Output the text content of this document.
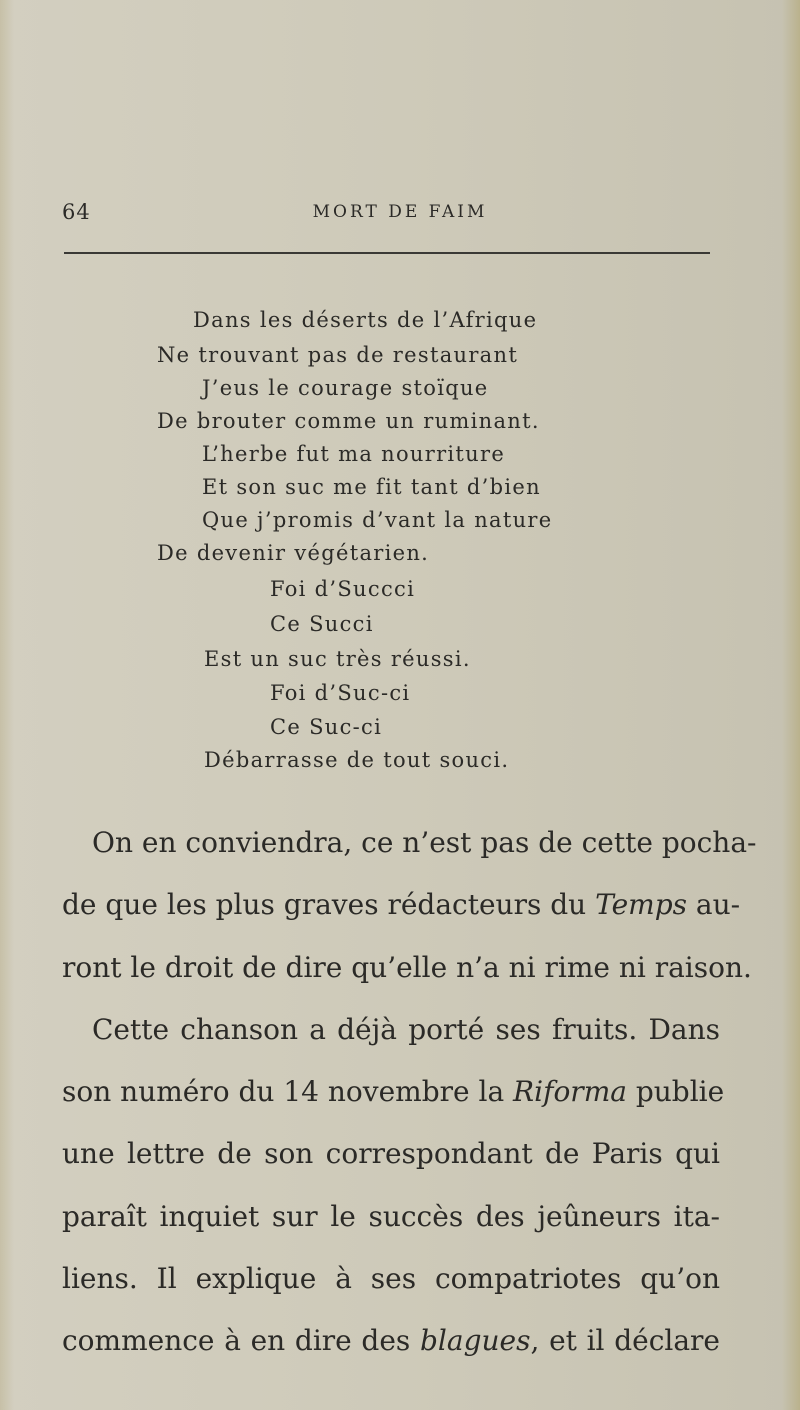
64	MORT DE FAIM
Dans les déserts de l’Afrique
Ne trouvant pas de restaurant
J’eus le courage stoïque
De brouter comme un ruminant.
L’herbe fut ma nourriture
Et son suc me fit tant d’bien
Que j’promis d’vant la nature
De devenir végétarien.
Foi d’Succci
Ce Succi
Est un suc très réussi.
Foi d’Suc-ci
Ce Suc-ci
Débarrasse de tout souci.
On en conviendra, ce n’est pas de cette pocha-
de que les plus graves rédacteurs du Temps au-
ront le droit de dire qu’elle n’a ni rime ni raison.
Cette chanson a déjà porté ses fruits. Dans
son numéro du 14 novembre la Riforma publie
une lettre de son correspondant de Paris qui
paraît inquiet sur le succès des jeûneurs ita-
liens. Il explique à ses compatriotes qu’on
commence à en dire des blagues, et il déclare
